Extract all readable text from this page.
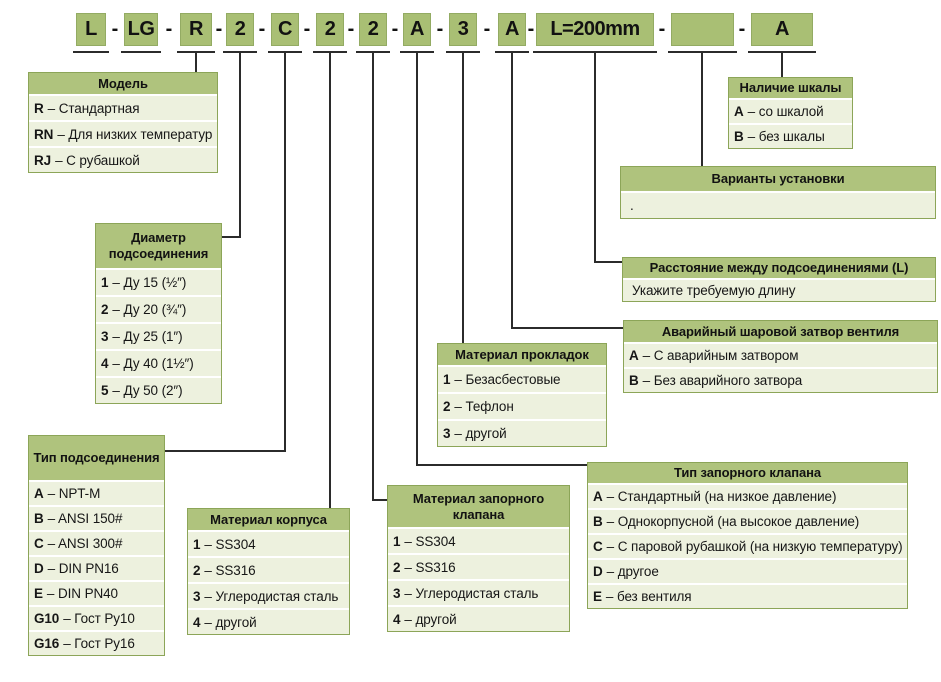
L	LG	R	2	C	2	2	A	3	A	L=200mm	A
- - - - - - - - - -	-	-
Модель
R – Стандартная
RN – Для низких температур
RJ – С рубашкой
Диаметр подсоединения
1 – Ду 15 (½″)
2 – Ду 20 (¾″)
3 – Ду 25 (1″)
4 – Ду 40 (1½″)
5 – Ду 50 (2″)
Тип подсоединения
A – NPT-M
B – ANSI 150#
C – ANSI 300#
D – DIN PN16
E – DIN PN40
G10 – Гост Ру10
G16 – Гост Ру16
Материал корпуса
1 – SS304
2 – SS316
3 – Углеродистая сталь
4 – другой
Материал запорного клапана
1 – SS304
2 – SS316
3 – Углеродистая сталь
4 – другой
Материал прокладок
1 – Безасбестовые
2 – Тефлон
3 – другой
Тип запорного клапана
A – Стандартный (на низкое давление)
B – Однокорпусной (на высокое давление)
C – С паровой рубашкой (на низкую температуру)
D – другое
E – без вентиля
Аварийный шаровой затвор вентиля
A – С аварийным затвором
B – Без аварийного затвора
Расстояние между подсоединениями (L)
Укажите требуемую длину
Варианты установки
.
Наличие шкалы
A – со шкалой
B – без шкалы
